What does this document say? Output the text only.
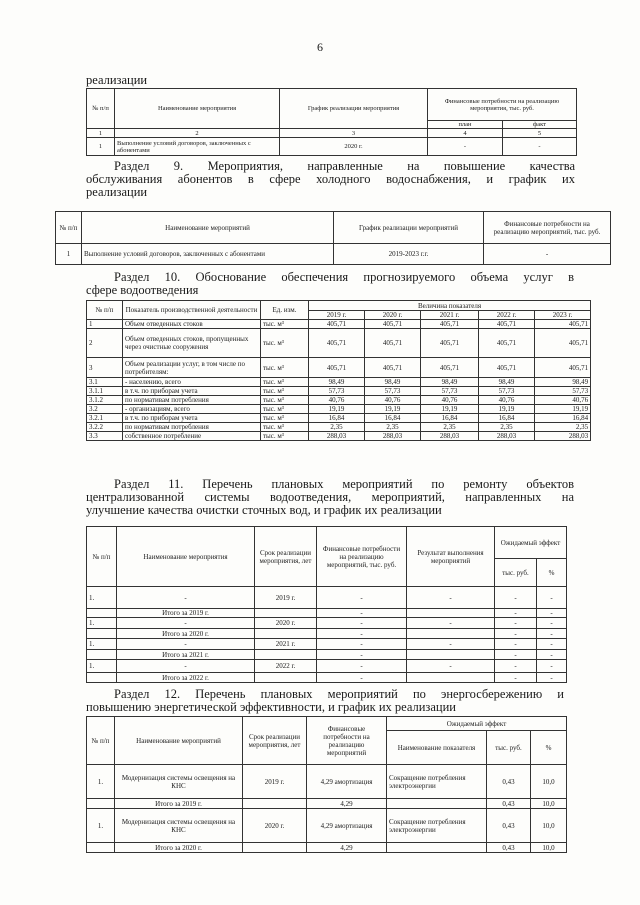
6
реализации
№ п/п	Наименование мероприятия	График реализации мероприятия	Финансовые потребности на реализацию мероприятия, тыс. руб.	
			план	факт
1	2	3	4	5
1	Выполнение условий договоров, заключенных с абонентами	2020 г.	-	-
Раздел 9. Мероприятия, направленные на повышение качества
обслуживания абонентов в сфере холодного водоснабжения, и график их
реализации
№ п/п	Наименование мероприятий	График реализации мероприятий	Финансовые потребности на реализацию мероприятий, тыс. руб.
1	Выполнение условий договоров, заключенных с абонентами	2019-2023 г.г.	-
Раздел 10. Обоснование обеспечения прогнозируемого объема услуг в
сфере водоотведения
№ п/п	Показатель производственной деятельности	Ед. изм.	Величина показателя				
			2019 г.	2020 г.	2021 г.	2022 г.	2023 г.
1	Объем отведенных стоков	тыс. м³	405,71	405,71	405,71	405,71	405,71
2	Объем отведенных стоков, пропущенных через очистные сооружения	тыс. м³	405,71	405,71	405,71	405,71	405,71
3	Объем реализации услуг, в том числе по потребителям:	тыс. м³	405,71	405,71	405,71	405,71	405,71
3.1	- населению, всего	тыс. м³	98,49	98,49	98,49	98,49	98,49
3.1.1	в т.ч. по приборам учета	тыс. м³	57,73	57,73	57,73	57,73	57,73
3.1.2	по нормативам потребления	тыс. м³	40,76	40,76	40,76	40,76	40,76
3.2	- организациям, всего	тыс. м³	19,19	19,19	19,19	19,19	19,19
3.2.1	в т.ч. по приборам учета	тыс. м³	16,84	16,84	16,84	16,84	16,84
3.2.2	по нормативам потребления	тыс. м³	2,35	2,35	2,35	2,35	2,35
3.3	собственное потребление	тыс. м³	288,03	288,03	288,03	288,03	288,03
Раздел 11. Перечень плановых мероприятий по ремонту объектов
централизованной системы водоотведения, мероприятий, направленных на
улучшение качества очистки сточных вод, и график их реализации
№ п/п	Наименование мероприятия	Срок реализации мероприятия, лет	Финансовые потребности на реализацию мероприятий, тыс. руб.	Результат выполнения мероприятий	Ожидаемый эффект	
					тыс. руб.	%
1.	-	2019 г.	-	-	-	-
	Итого за 2019 г.		-		-	-
1.	-	2020 г.	-	-	-	-
	Итого за 2020 г.		-		-	-
1.	-	2021 г.	-	-	-	-
	Итого за 2021 г.		-		-	-
1.	-	2022 г.	-	-	-	-
	Итого за 2022 г.		-		-	-
Раздел 12. Перечень плановых мероприятий по энергосбережению и
повышению энергетической эффективности, и график их реализации
№ п/п	Наименование мероприятий	Срок реализации мероприятия, лет	Финансовые потребности на реализацию мероприятий	Ожидаемый эффект		
				Наименование показателя	тыс. руб.	%
1.	Модернизация системы освещения на КНС	2019 г.	4,29 амортизация	Сокращение потребления электроэнергии	0,43	10,0
	Итого за 2019 г.		4,29		0,43	10,0
1.	Модернизация системы освещения на КНС	2020 г.	4,29 амортизация	Сокращение потребления электроэнергии	0,43	10,0
	Итого за 2020 г.		4,29		0,43	10,0
